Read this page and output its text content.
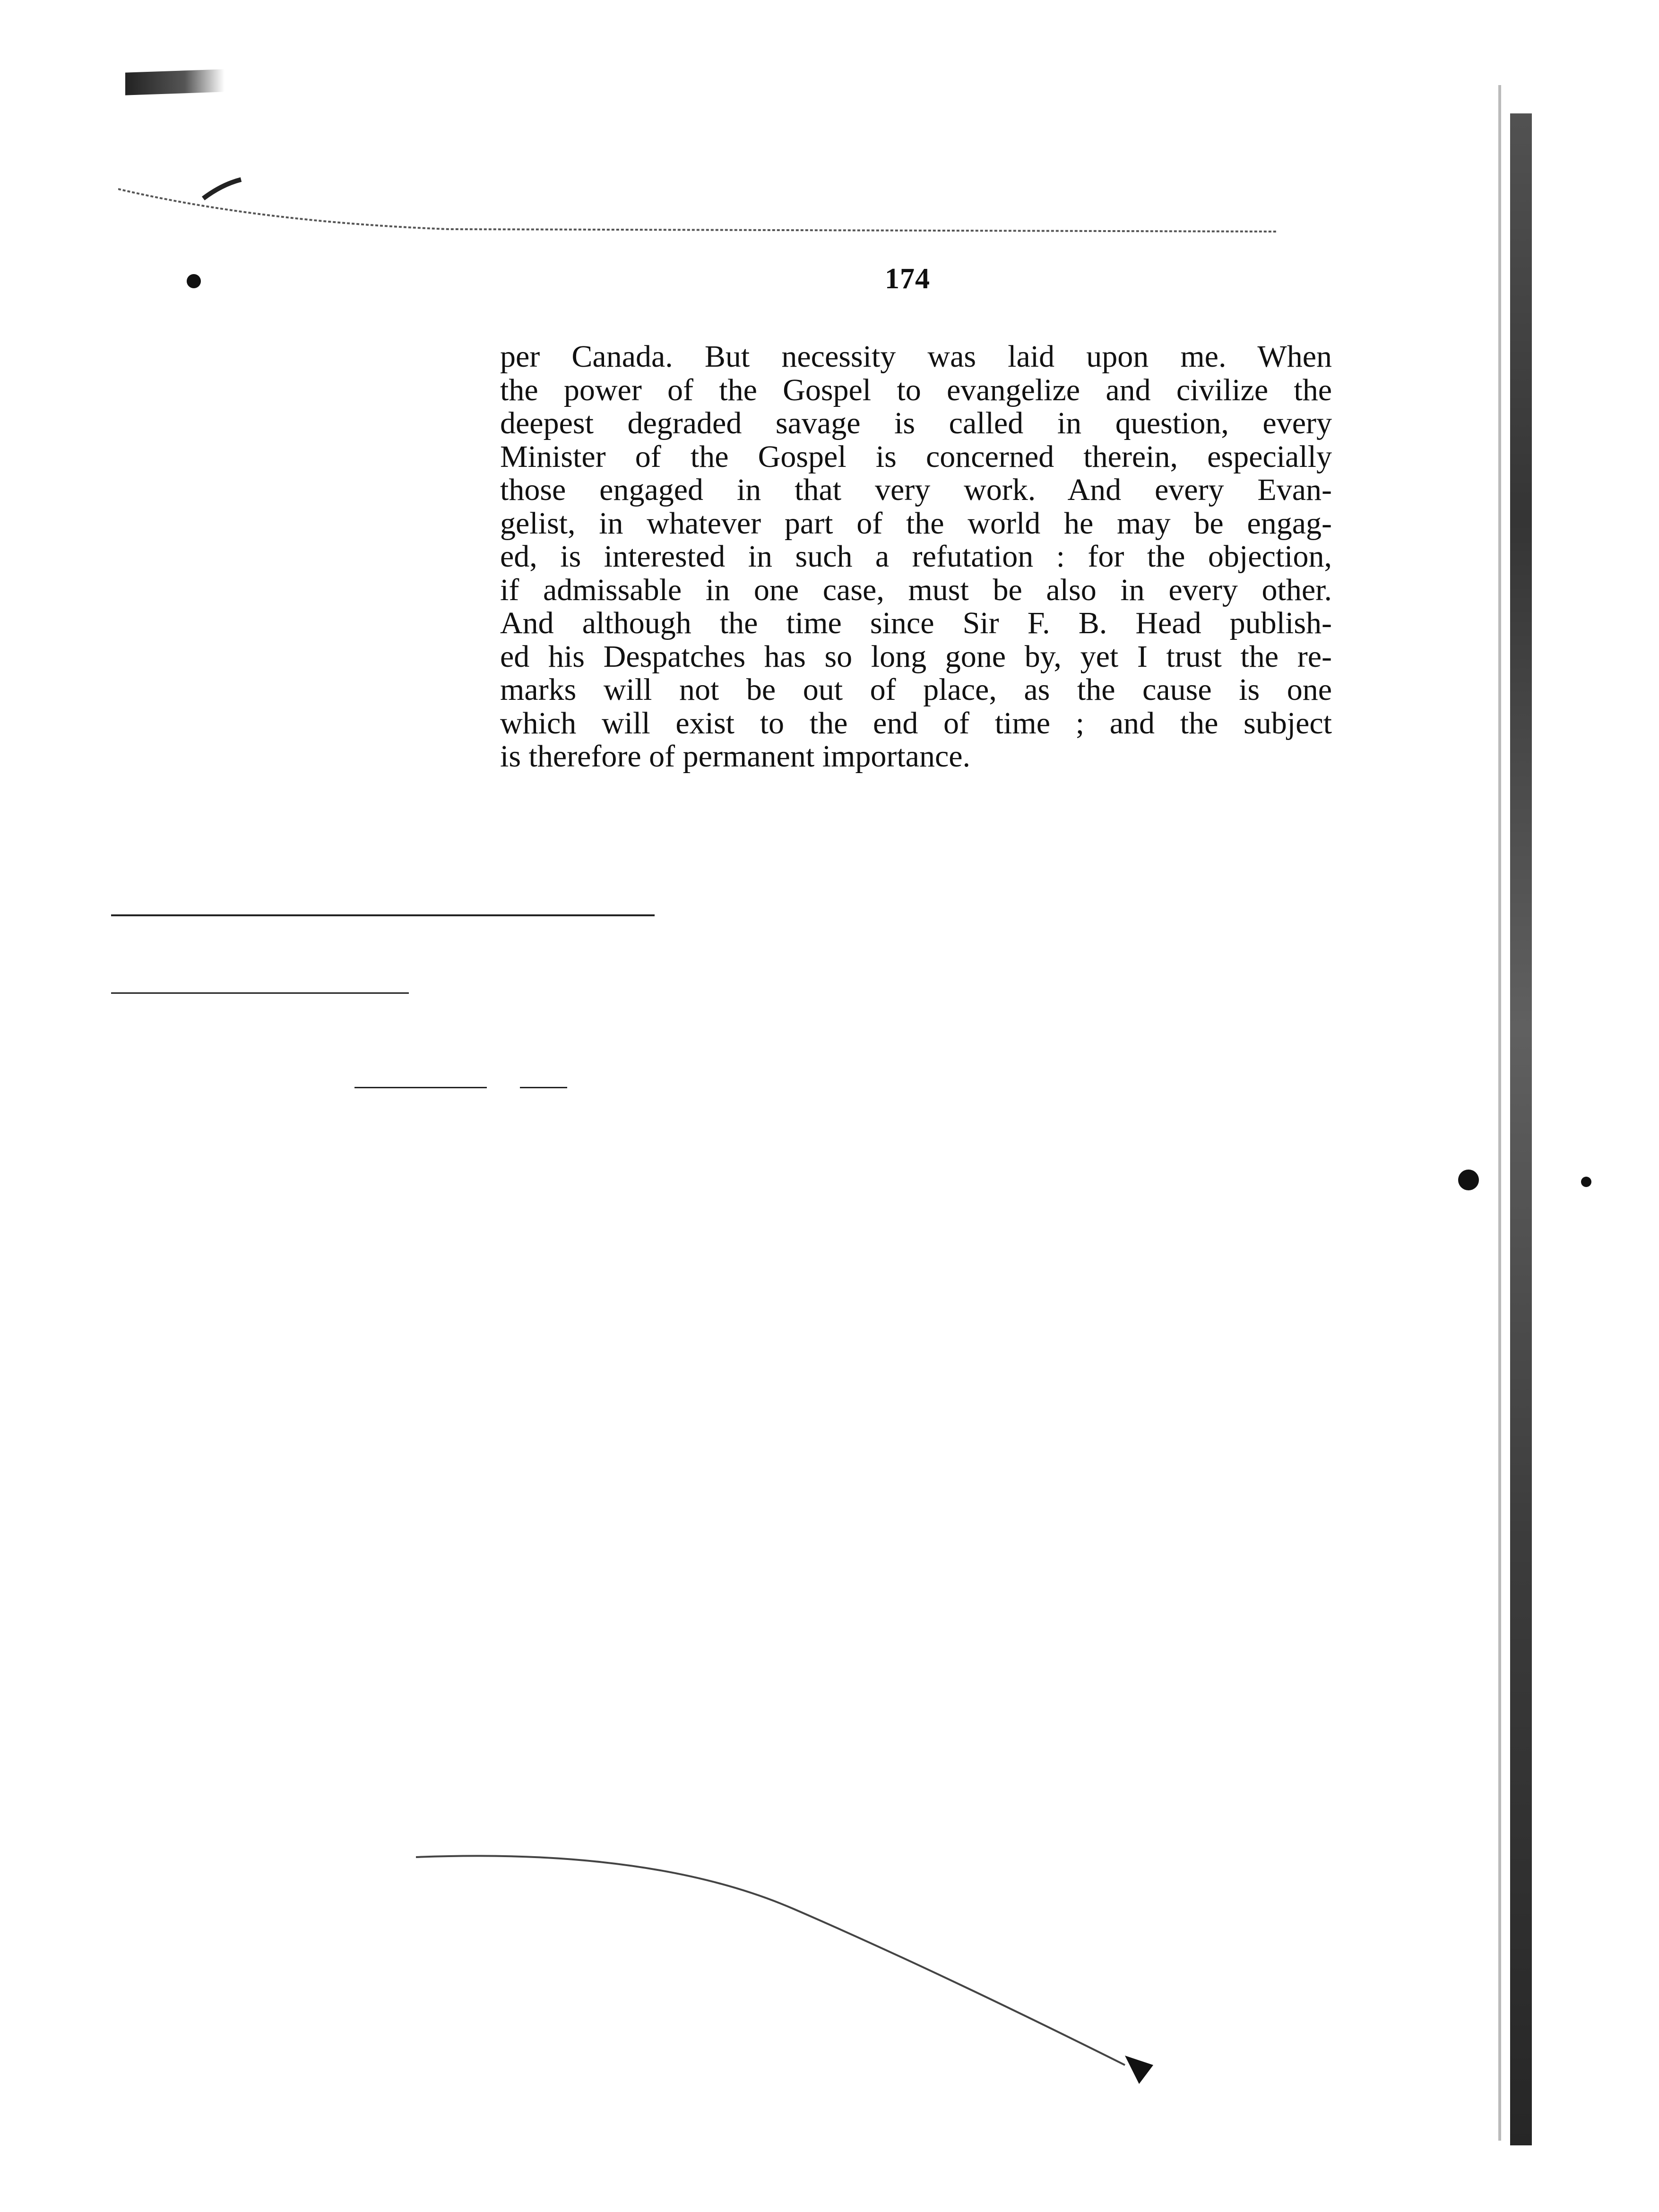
174
per Canada. But necessity was laid upon me. When
the power of the Gospel to evangelize and civilize the
deepest degraded savage is called in question, every
Minister of the Gospel is concerned therein, especially
those engaged in that very work. And every Evan-
gelist, in whatever part of the world he may be engag-
ed, is interested in such a refutation : for the objection,
if admissable in one case, must be also in every other.
And although the time since Sir F. B. Head publish-
ed his Despatches has so long gone by, yet I trust the re-
marks will not be out of place, as the cause is one
which will exist to the end of time ; and the subject
is therefore of permanent importance.
